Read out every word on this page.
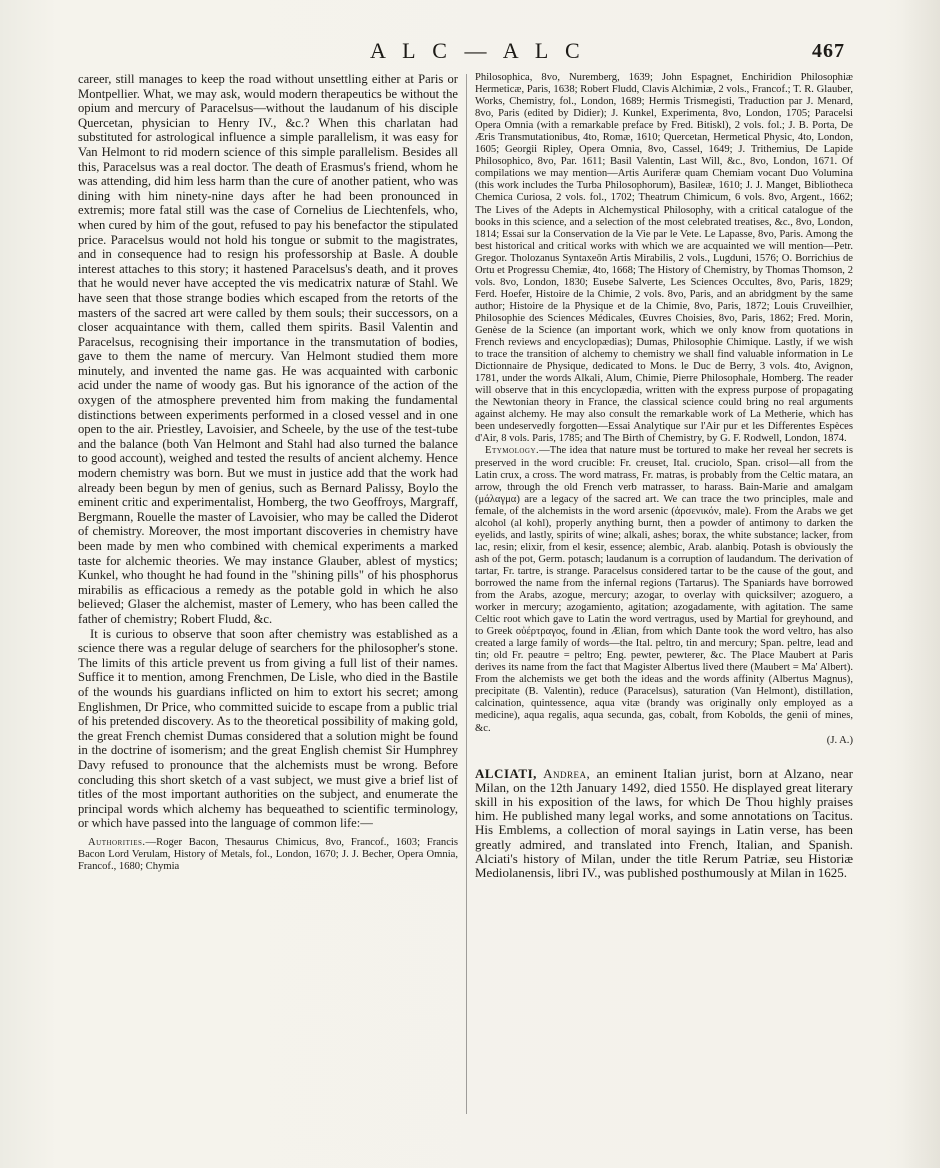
A L C — A L C	467

career, still manages to keep the road without unsettling either at Paris or Montpellier. What, we may ask, would modern therapeutics be without the opium and mercury of Paracelsus—without the laudanum of his disciple Quercetan, physician to Henry IV., &c.? When this charlatan had substituted for astrological influence a simple parallelism, it was easy for Van Helmont to rid modern science of this simple parallelism. Besides all this, Paracelsus was a real doctor. The death of Erasmus's friend, whom he was attending, did him less harm than the cure of another patient, who was dining with him ninety-nine days after he had been pronounced in extremis; more fatal still was the case of Cornelius de Liechtenfels, who, when cured by him of the gout, refused to pay his benefactor the stipulated price. Paracelsus would not hold his tongue or submit to the magistrates, and in consequence had to resign his professorship at Basle. A double interest attaches to this story; it hastened Paracelsus's death, and it proves that he would never have accepted the vis medicatrix naturæ of Stahl. We have seen that those strange bodies which escaped from the retorts of the masters of the sacred art were called by them souls; their successors, on a closer acquaintance with them, called them spirits. Basil Valentin and Paracelsus, recognising their importance in the transmutation of bodies, gave to them the name of mercury. Van Helmont studied them more minutely, and invented the name gas. He was acquainted with carbonic acid under the name of woody gas. But his ignorance of the action of the oxygen of the atmosphere prevented him from making the fundamental distinctions between experiments performed in a closed vessel and in one open to the air. Priestley, Lavoisier, and Scheele, by the use of the test-tube and the balance (both Van Helmont and Stahl had also turned the balance to good account), weighed and tested the results of ancient alchemy. Hence modern chemistry was born. But we must in justice add that the work had already been begun by men of genius, such as Bernard Palissy, Boylo the eminent critic and experimentalist, Homberg, the two Geoffroys, Margraff, Bergmann, Rouelle the master of Lavoisier, who may be called the Diderot of chemistry. Moreover, the most important discoveries in chemistry have been made by men who combined with chemical experiments a marked taste for alchemic theories. We may instance Glauber, ablest of mystics; Kunkel, who thought he had found in the "shining pills" of his phosphorus mirabilis as efficacious a remedy as the potable gold in which he also believed; Glaser the alchemist, master of Lemery, who has been called the father of chemistry; Robert Fludd, &c.

It is curious to observe that soon after chemistry was established as a science there was a regular deluge of searchers for the philosopher's stone. The limits of this article prevent us from giving a full list of their names. Suffice it to mention, among Frenchmen, De Lisle, who died in the Bastile of the wounds his guardians inflicted on him to extort his secret; among Englishmen, Dr Price, who committed suicide to escape from a public trial of his pretended discovery. As to the theoretical possibility of making gold, the great French chemist Dumas considered that a solution might be found in the doctrine of isomerism; and the great English chemist Sir Humphrey Davy refused to pronounce that the alchemists must be wrong. Before concluding this short sketch of a vast subject, we must give a brief list of titles of the most important authorities on the subject, and enumerate the principal words which alchemy has bequeathed to scientific terminology, or which have passed into the language of common life:—

Authorities.—Roger Bacon, Thesaurus Chimicus, 8vo, Francof., 1603; Francis Bacon Lord Verulam, History of Metals, fol., London, 1670; J. J. Becher, Opera Omnia, Francof., 1680; Chymia

Philosophica, 8vo, Nuremberg, 1639; John Espagnet, Enchiridion Philosophiæ Hermeticæ, Paris, 1638; Robert Fludd, Clavis Alchimiæ, 2 vols., Francof.; T. R. Glauber, Works, Chemistry, fol., London, 1689; Hermis Trismegisti, Traduction par J. Menard, 8vo, Paris (edited by Didier); J. Kunkel, Experimenta, 8vo, London, 1705; Paracelsi Opera Omnia (with a remarkable preface by Fred. Bitiskl), 2 vols. fol.; J. B. Porta, De Æris Transmutationibus, 4to, Romæ, 1610; Quercetan, Hermetical Physic, 4to, London, 1605; Georgii Ripley, Opera Omnia, 8vo, Cassel, 1649; J. Trithemius, De Lapide Philosophico, 8vo, Par. 1611; Basil Valentin, Last Will, &c., 8vo, London, 1671. Of compilations we may mention—Artis Auriferæ quam Chemiam vocant Duo Volumina (this work includes the Turba Philosophorum), Basileæ, 1610; J. J. Manget, Bibliotheca Chemica Curiosa, 2 vols. fol., 1702; Theatrum Chimicum, 6 vols. 8vo, Argent., 1662; The Lives of the Adepts in Alchemystical Philosophy, with a critical catalogue of the books in this science, and a selection of the most celebrated treatises, &c., 8vo, London, 1814; Essai sur la Conservation de la Vie par le Vete. Le Lapasse, 8vo, Paris. Among the best historical and critical works with which we are acquainted we will mention—Petr. Gregor. Tholozanus Syntaxeōn Artis Mirabilis, 2 vols., Lugduni, 1576; O. Borrichius de Ortu et Progressu Chemiæ, 4to, 1668; The History of Chemistry, by Thomas Thomson, 2 vols. 8vo, London, 1830; Eusebe Salverte, Les Sciences Occultes, 8vo, Paris, 1829; Ferd. Hoefer, Histoire de la Chimie, 2 vols. 8vo, Paris, and an abridgment by the same author; Histoire de la Physique et de la Chimie, 8vo, Paris, 1872; Louis Cruveilhier, Philosophie des Sciences Médicales, Œuvres Choisies, 8vo, Paris, 1862; Fred. Morin, Genèse de la Science (an important work, which we only know from quotations in French reviews and encyclopædias); Dumas, Philosophie Chimique. Lastly, if we wish to trace the transition of alchemy to chemistry we shall find valuable information in Le Dictionnaire de Physique, dedicated to Mons. le Duc de Berry, 3 vols. 4to, Avignon, 1781, under the words Alkali, Alum, Chimie, Pierre Philosophale, Homberg. The reader will observe that in this encyclopædia, written with the express purpose of propagating the Newtonian theory in France, the classical science could bring no real arguments against alchemy. He may also consult the remarkable work of La Metherie, which has been undeservedly forgotten—Essai Analytique sur l'Air pur et les Differentes Espèces d'Air, 8 vols. Paris, 1785; and The Birth of Chemistry, by G. F. Rodwell, London, 1874.

Etymology.—The idea that nature must be tortured to make her reveal her secrets is preserved in the word crucible: Fr. creuset, Ital. cruciolo, Span. crisol—all from the Latin crux, a cross. The word matrass, Fr. matras, is probably from the Celtic matara, an arrow, through the old French verb matrasser, to harass. Bain-Marie and amalgam (μάλαγμα) are a legacy of the sacred art. We can trace the two principles, male and female, of the alchemists in the word arsenic (ἀρσενικόν, male). From the Arabs we get alcohol (al kohl), properly anything burnt, then a powder of antimony to darken the eyelids, and lastly, spirits of wine; alkali, ashes; borax, the white substance; lacker, from lac, resin; elixir, from el kesir, essence; alembic, Arab. alanbiq. Potash is obviously the ash of the pot, Germ. potasch; laudanum is a corruption of laudandum. The derivation of tartar, Fr. tartre, is strange. Paracelsus considered tartar to be the cause of the gout, and borrowed the name from the infernal regions (Tartarus). The Spaniards have borrowed from the Arabs, azogue, mercury; azogar, to overlay with quicksilver; azoguero, a worker in mercury; azogamiento, agitation; azogadamente, with agitation. The same Celtic root which gave to Latin the word vertragus, used by Martial for greyhound, and to Greek οὐέρτραγος, found in Ælian, from which Dante took the word veltro, has also created a large family of words—the Ital. peltro, tin and mercury; Span. peltre, lead and tin; old Fr. peautre = peltro; Eng. pewter, pewterer, &c. The Place Maubert at Paris derives its name from the fact that Magister Albertus lived there (Maubert = Ma' Albert). From the alchemists we get both the ideas and the words affinity (Albertus Magnus), precipitate (B. Valentin), reduce (Paracelsus), saturation (Van Helmont), distillation, calcination, quintessence, aqua vitæ (brandy was originally only employed as a medicine), aqua regalis, aqua secunda, gas, cobalt, from Kobolds, the genii of mines, &c.

(J. A.)

ALCIATI, Andrea, an eminent Italian jurist, born at Alzano, near Milan, on the 12th January 1492, died 1550. He displayed great literary skill in his exposition of the laws, for which De Thou highly praises him. He published many legal works, and some annotations on Tacitus. His Emblems, a collection of moral sayings in Latin verse, has been greatly admired, and translated into French, Italian, and Spanish. Alciati's history of Milan, under the title Rerum Patriæ, seu Historiæ Mediolanensis, libri IV., was published posthumously at Milan in 1625.
